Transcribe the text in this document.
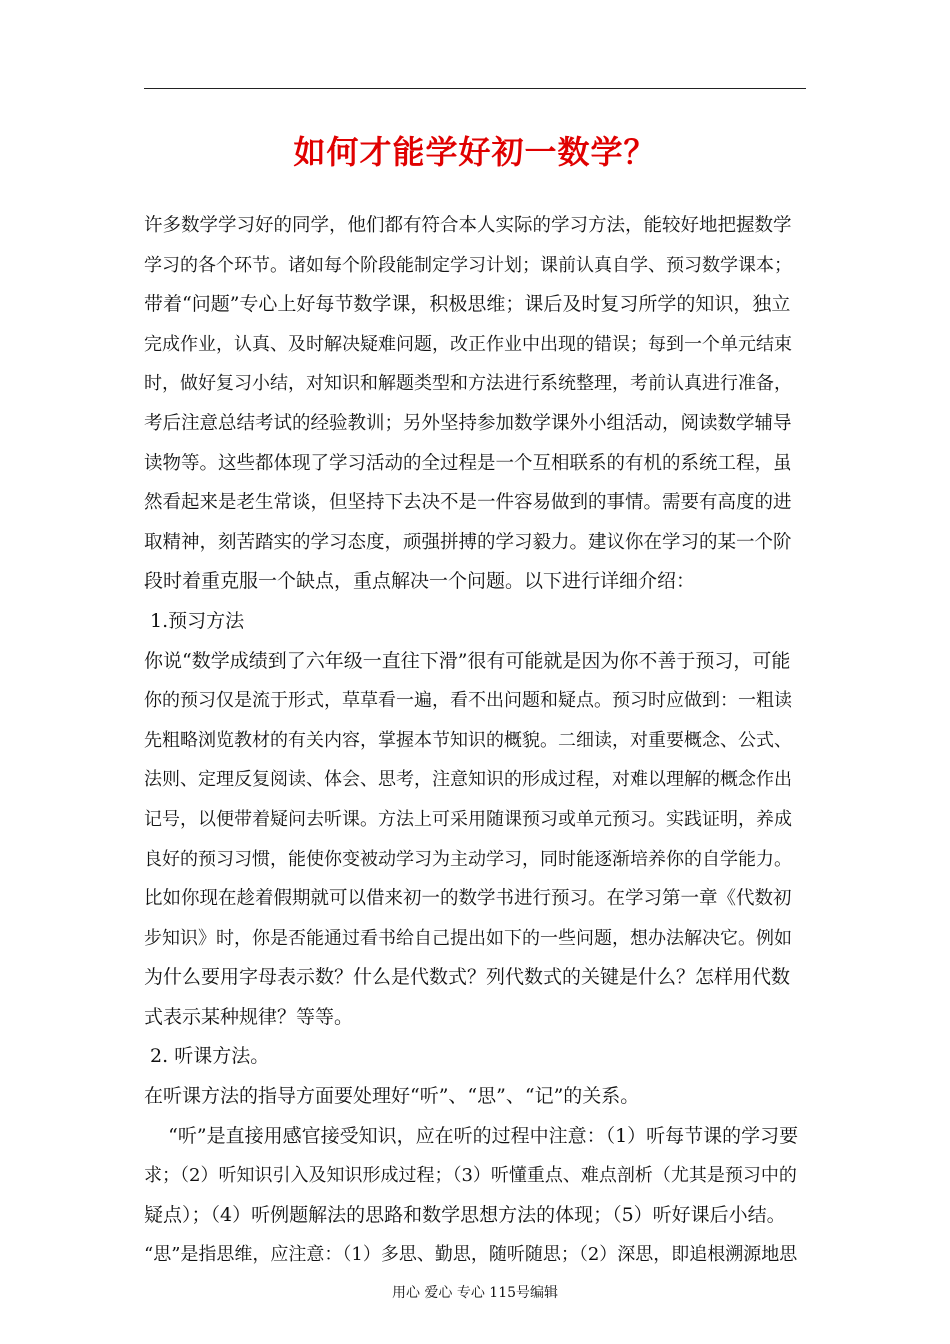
如何才能学好初一数学？
许多数学学习好的同学，他们都有符合本人实际的学习方法，能较好地把握数学
学习的各个环节。诸如每个阶段能制定学习计划；课前认真自学、预习数学课本；
带着“问题”专心上好每节数学课，积极思维；课后及时复习所学的知识，独立
完成作业，认真、及时解决疑难问题，改正作业中出现的错误；每到一个单元结束
时，做好复习小结，对知识和解题类型和方法进行系统整理，考前认真进行准备，
考后注意总结考试的经验教训；另外坚持参加数学课外小组活动，阅读数学辅导
读物等。这些都体现了学习活动的全过程是一个互相联系的有机的系统工程，虽
然看起来是老生常谈，但坚持下去决不是一件容易做到的事情。需要有高度的进
取精神，刻苦踏实的学习态度，顽强拼搏的学习毅力。建议你在学习的某一个阶
段时着重克服一个缺点，重点解决一个问题。以下进行详细介绍：
1.预习方法
你说“数学成绩到了六年级一直往下滑”很有可能就是因为你不善于预习，可能
你的预习仅是流于形式，草草看一遍，看不出问题和疑点。预习时应做到：一粗读
先粗略浏览教材的有关内容，掌握本节知识的概貌。二细读，对重要概念、公式、
法则、定理反复阅读、体会、思考，注意知识的形成过程，对难以理解的概念作出
记号，以便带着疑问去听课。方法上可采用随课预习或单元预习。实践证明，养成
良好的预习习惯，能使你变被动学习为主动学习，同时能逐渐培养你的自学能力。
比如你现在趁着假期就可以借来初一的数学书进行预习。在学习第一章《代数初
步知识》时，你是否能通过看书给自己提出如下的一些问题，想办法解决它。例如
为什么要用字母表示数？什么是代数式？列代数式的关键是什么？怎样用代数
式表示某种规律？等等。
2. 听课方法。
在听课方法的指导方面要处理好“听”、“思”、“记”的关系。
“听”是直接用感官接受知识，应在听的过程中注意：（1）听每节课的学习要
求；（2）听知识引入及知识形成过程；（3）听懂重点、难点剖析（尤其是预习中的
疑点）；（4）听例题解法的思路和数学思想方法的体现；（5）听好课后小结。
“思”是指思维，应注意：（1）多思、勤思，随听随思；（2）深思，即追根溯源地思
用心 爱心 专心 115号编辑
